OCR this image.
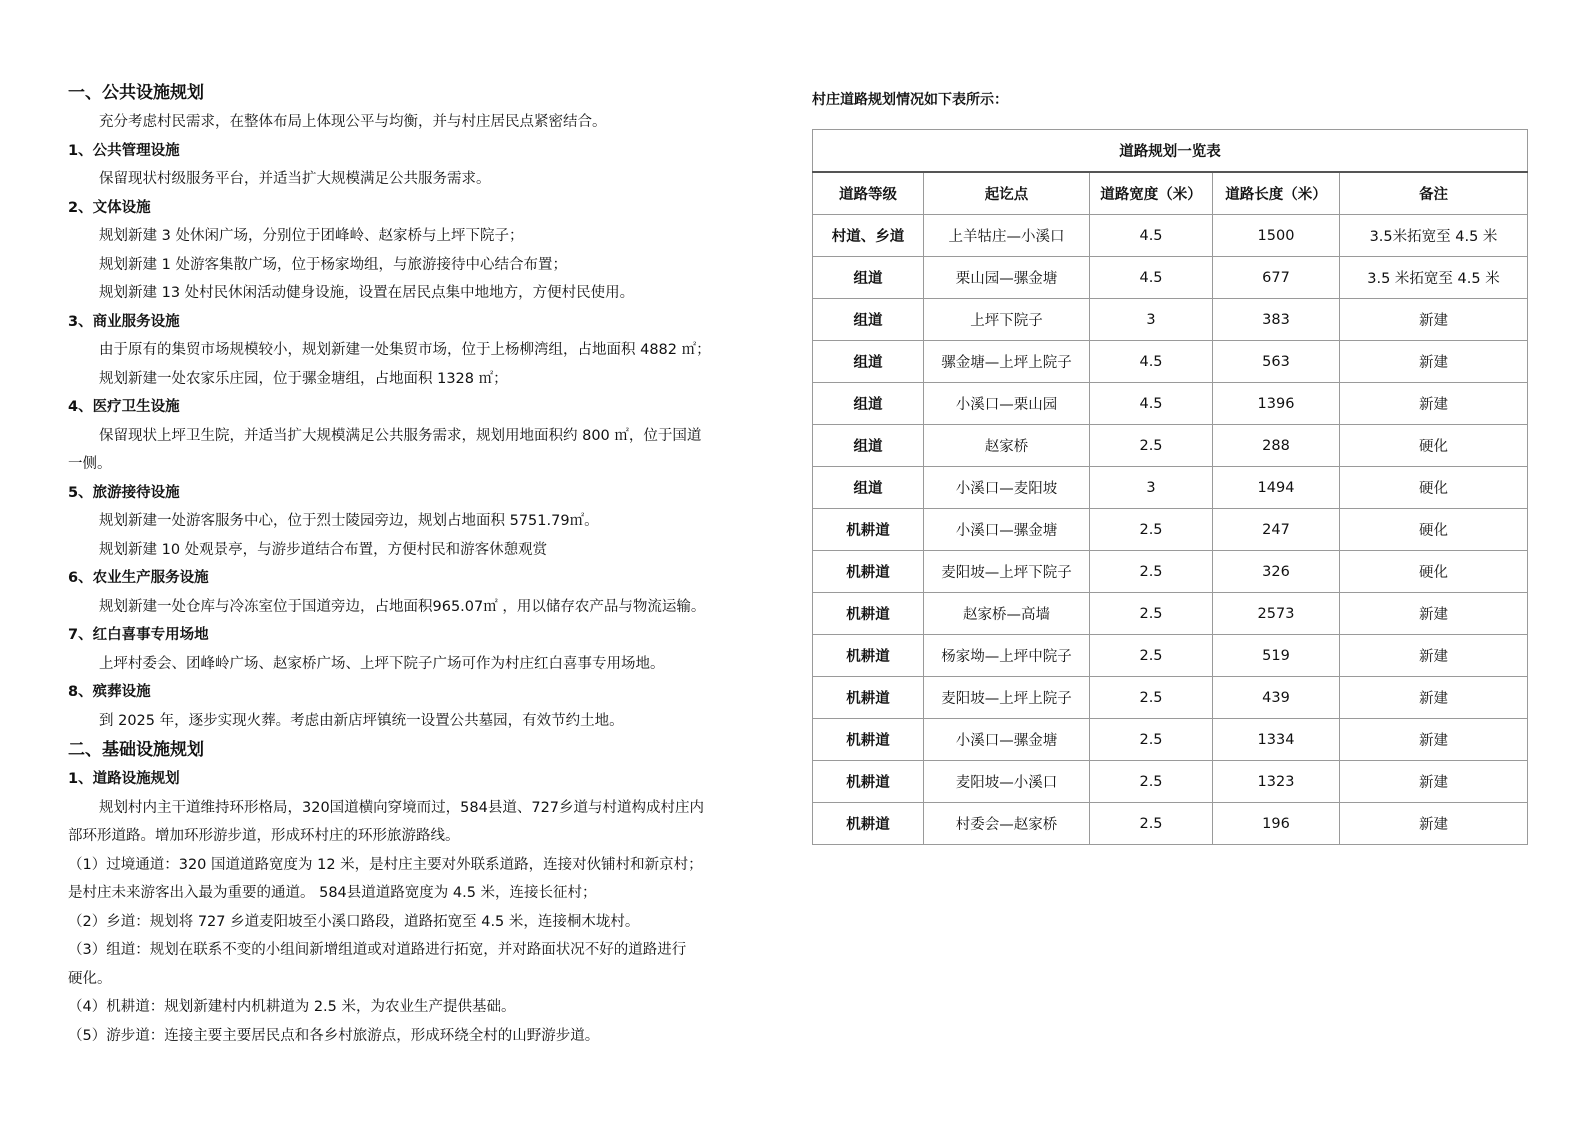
一、公共设施规划
充分考虑村民需求，在整体布局上体现公平与均衡，并与村庄居民点紧密结合。
1、公共管理设施
保留现状村级服务平台，并适当扩大规模满足公共服务需求。
2、文体设施
规划新建 3 处休闲广场，分别位于团峰岭、赵家桥与上坪下院子；
规划新建 1 处游客集散广场，位于杨家坳组，与旅游接待中心结合布置；
规划新建 13 处村民休闲活动健身设施，设置在居民点集中地地方，方便村民使用。
3、商业服务设施
由于原有的集贸市场规模较小，规划新建一处集贸市场，位于上杨柳湾组，占地面积 4882 ㎡；
规划新建一处农家乐庄园，位于骡金塘组，占地面积 1328 ㎡；
4、医疗卫生设施
保留现状上坪卫生院，并适当扩大规模满足公共服务需求，规划用地面积约 800 ㎡，位于国道
一侧。
5、旅游接待设施
规划新建一处游客服务中心，位于烈士陵园旁边，规划占地面积 5751.79㎡。
规划新建 10 处观景亭，与游步道结合布置，方便村民和游客休憩观赏
6、农业生产服务设施
规划新建一处仓库与冷冻室位于国道旁边，占地面积965.07㎡ ，用以储存农产品与物流运输。
7、红白喜事专用场地
上坪村委会、团峰岭广场、赵家桥广场、上坪下院子广场可作为村庄红白喜事专用场地。
8、殡葬设施
到 2025 年，逐步实现火葬。考虑由新店坪镇统一设置公共墓园，有效节约土地。
二、基础设施规划
1、道路设施规划
规划村内主干道维持环形格局，320国道横向穿境而过，584县道、727乡道与村道构成村庄内
部环形道路。增加环形游步道，形成环村庄的环形旅游路线。
（1）过境通道：320 国道道路宽度为 12 米，是村庄主要对外联系道路，连接对伙铺村和新京村；
是村庄未来游客出入最为重要的通道。 584县道道路宽度为 4.5 米，连接长征村；
（2）乡道：规划将 727 乡道麦阳坡至小溪口路段，道路拓宽至 4.5 米，连接桐木垅村。
（3）组道：规划在联系不变的小组间新增组道或对道路进行拓宽，并对路面状况不好的道路进行
硬化。
（4）机耕道：规划新建村内机耕道为 2.5 米，为农业生产提供基础。
（5）游步道：连接主要主要居民点和各乡村旅游点，形成环绕全村的山野游步道。
村庄道路规划情况如下表所示：
道路规划一览表				
道路等级	起讫点	道路宽度（米）	道路长度（米）	备注
村道、乡道	上羊牯庄—小溪口	4.5	1500	3.5米拓宽至 4.5 米
组道	栗山园—骡金塘	4.5	677	3.5 米拓宽至 4.5 米
组道	上坪下院子	3	383	新建
组道	骡金塘—上坪上院子	4.5	563	新建
组道	小溪口—栗山园	4.5	1396	新建
组道	赵家桥	2.5	288	硬化
组道	小溪口—麦阳坡	3	1494	硬化
机耕道	小溪口—骡金塘	2.5	247	硬化
机耕道	麦阳坡—上坪下院子	2.5	326	硬化
机耕道	赵家桥—高墙	2.5	2573	新建
机耕道	杨家坳—上坪中院子	2.5	519	新建
机耕道	麦阳坡—上坪上院子	2.5	439	新建
机耕道	小溪口—骡金塘	2.5	1334	新建
机耕道	麦阳坡—小溪口	2.5	1323	新建
机耕道	村委会—赵家桥	2.5	196	新建
